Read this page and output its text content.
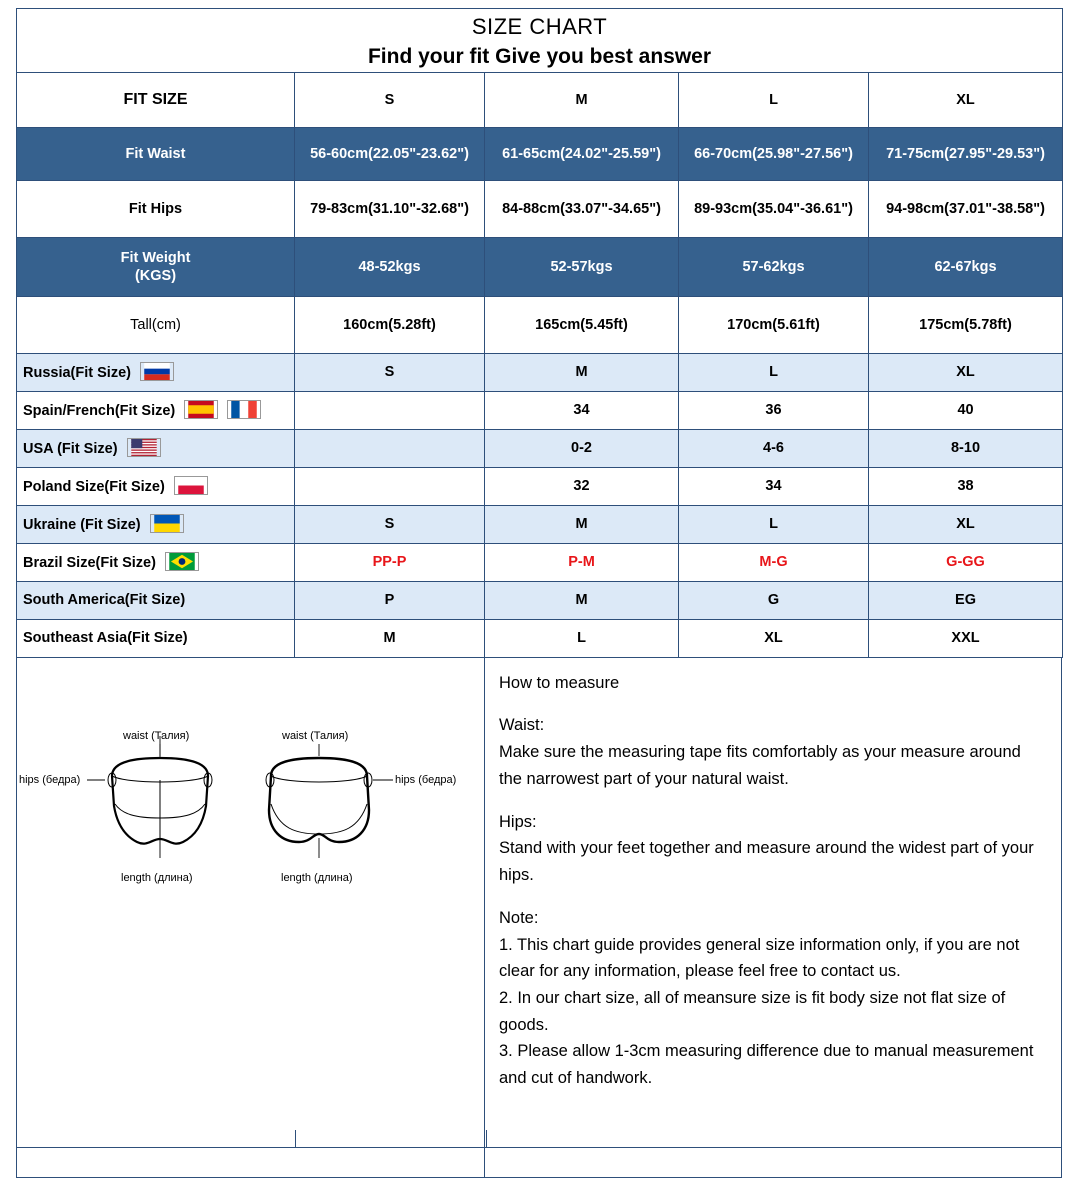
SIZE CHART
Find your fit Give you best answer				

FIT SIZE	S	M	L	XL
Fit Waist	56-60cm(22.05"-23.62")	61-65cm(24.02"-25.59")	66-70cm(25.98"-27.56")	71-75cm(27.95"-29.53")
Fit Hips	79-83cm(31.10"-32.68")	84-88cm(33.07"-34.65")	89-93cm(35.04"-36.61")	94-98cm(37.01"-38.58")

Fit Weight
(KGS)	48-52kgs	52-57kgs	57-62kgs	62-67kgs
Tall(cm)	160cm(5.28ft)	165cm(5.45ft)	170cm(5.61ft)	175cm(5.78ft)
Russia(Fit Size)	S	M	L	XL
Spain/French(Fit Size)		34	36	40
USA (Fit Size)		0-2	4-6	8-10
Poland Size(Fit Size)		32	34	38
Ukraine (Fit Size)	S	M	L	XL
Brazil Size(Fit Size)	PP-P	P-M	M-G	G-GG
South America(Fit Size)	P	M	G	EG
Southeast Asia(Fit Size)	M	L	XL	XXL
waist (Талия)
hips (бедра)
length (длина)
waist (Талия)
hips (бедра)
length (длина)

How to measure

Waist:

Make sure the measuring tape fits comfortably as your measure around the narrowest part of your natural waist.

Hips:

Stand with your feet together and measure around the widest part of your hips.

Note:

1. This chart guide provides general size information only, if you are not clear for any information, please feel free to contact us.

2. In our chart size, all of meansure size is fit body size not flat size of goods.

3. Please allow 1-3cm measuring difference due to manual measurement and cut of handwork.
